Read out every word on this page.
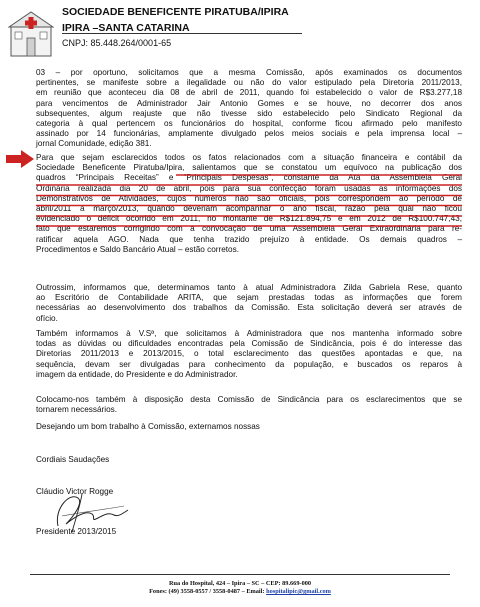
SOCIEDADE BENEFICENTE PIRATUBA/IPIRA
IPIRA –SANTA CATARINA
CNPJ: 85.448.264/0001-65
03 – por oportuno, solicitamos que a mesma Comissão, após examinados os documentos
pertinentes, se manifeste sobre a ilegalidade ou não do valor estipulado pela Diretoria 2011/2013,
em reunião que aconteceu dia 08 de abril de 2011, quando foi estabelecido o valor de R$3.277,18
para vencimentos de Administrador Jair Antonio Gomes e se houve, no decorrer dos anos
subsequentes, algum reajuste que não tivesse sido estabelecido pelo Sindicato Regional da
categoria à qual pertencem os funcionários do hospital, conforme ficou afirmado pelo manifesto
assinado por 14 funcionárias, amplamente divulgado pelos meios sociais e pela imprensa local –
jornal Comunidade, edição 381.
Para que sejam esclarecidos todos os fatos relacionados com a situação financeira e contábil da
Sociedade Beneficente Piratuba/Ipira, salientamos que se constatou um equívoco na publicação dos
quadros “Principais Receitas” e “Principais Despesas”, constante da Ata da Assembleia Geral
Ordinária realizada dia 20 de abril, pois para sua confecção foram usadas as informações dos
Demonstrativos de Atividades, cujos números não são oficiais, pois correspondem ao período de
abril/2011 a março/2013, quando deveriam acompanhar o ano fiscal, razão pela qual não ficou
evidenciado o déficit ocorrido em 2011, no montante de R$121.894,75 e em 2012 de R$100.747,43,
fato que estaremos corrigindo com a convocação de uma Assembleia Geral Extraordinária para re-
ratificar aquela AGO. Nada que tenha trazido prejuízo à entidade. Os demais quadros –
Procedimentos e Saldo Bancário Atual – estão corretos.
Outrossim, informamos que, determinamos tanto à atual Administradora Zilda Gabriela Rese, quanto
ao Escritório de Contabilidade ARITA, que sejam prestadas todas as informações que forem
necessárias ao desenvolvimento dos trabalhos da Comissão. Esta solicitação deverá ser através de
ofício.
Também informamos à V.Sª, que solicitamos à Administradora que nos mantenha informado sobre
todas as dúvidas ou dificuldades encontradas pela Comissão de Sindicância, pois é do interesse das
Diretorias 2011/2013 e 2013/2015, o total esclarecimento das questões apontadas e que, na
sequência, devam ser divulgadas para conhecimento da população, e buscados os reparos à
imagem da entidade, do Presidente e do Administrador.
Colocamo-nos também à disposição desta Comissão de Sindicância para os esclarecimentos que se
tornarem necessários.
Desejando um bom trabalho à Comissão, externamos nossas
Cordiais Saudações
Cláudio Victor Rogge
Presidente 2013/2015
Rua do Hospital, 424 – Ipira – SC – CEP: 89.669-000
Fones: (49) 3558-0557 / 3558-0487 – Email: hospitalipic@gmail.com
